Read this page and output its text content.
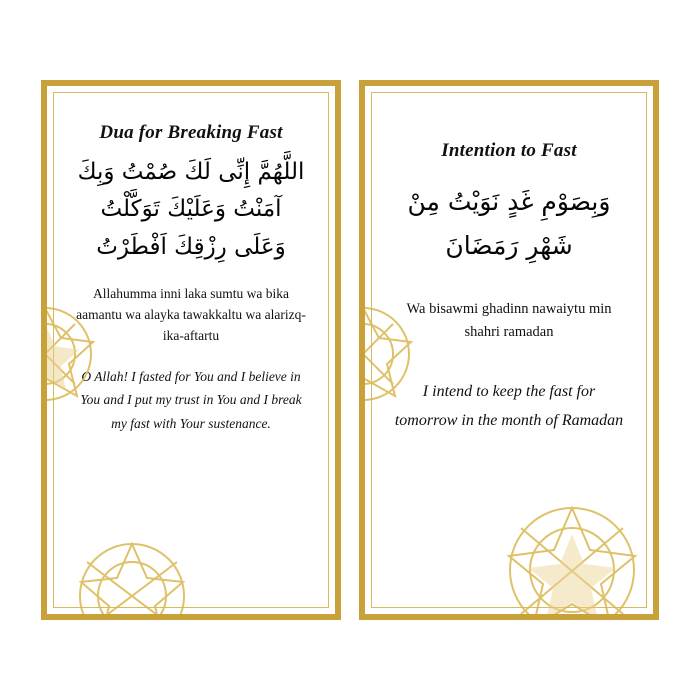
Dua for Breaking Fast
اللَّهُمَّ إِنِّى لَكَ صُمْتُ وَبِكَ آمَنْتُ وَعَلَيْكَ تَوَكَّلْتُ وَعَلَى رِزْقِكَ اَفْطَرْتُ
Allahumma inni laka sumtu wa bika aamantu wa alayka tawakkaltu wa alarizq-ika-aftartu
O Allah! I fasted for You and I believe in You and I put my trust in You and I break my fast with Your sustenance.
Intention to Fast
وَبِصَوْمِ غَدٍ نَوَيْتُ مِنْ شَهْرِ رَمَضَانَ
Wa bisawmi ghadinn nawaiytu min shahri ramadan
I intend to keep the fast for tomorrow in the month of Ramadan
